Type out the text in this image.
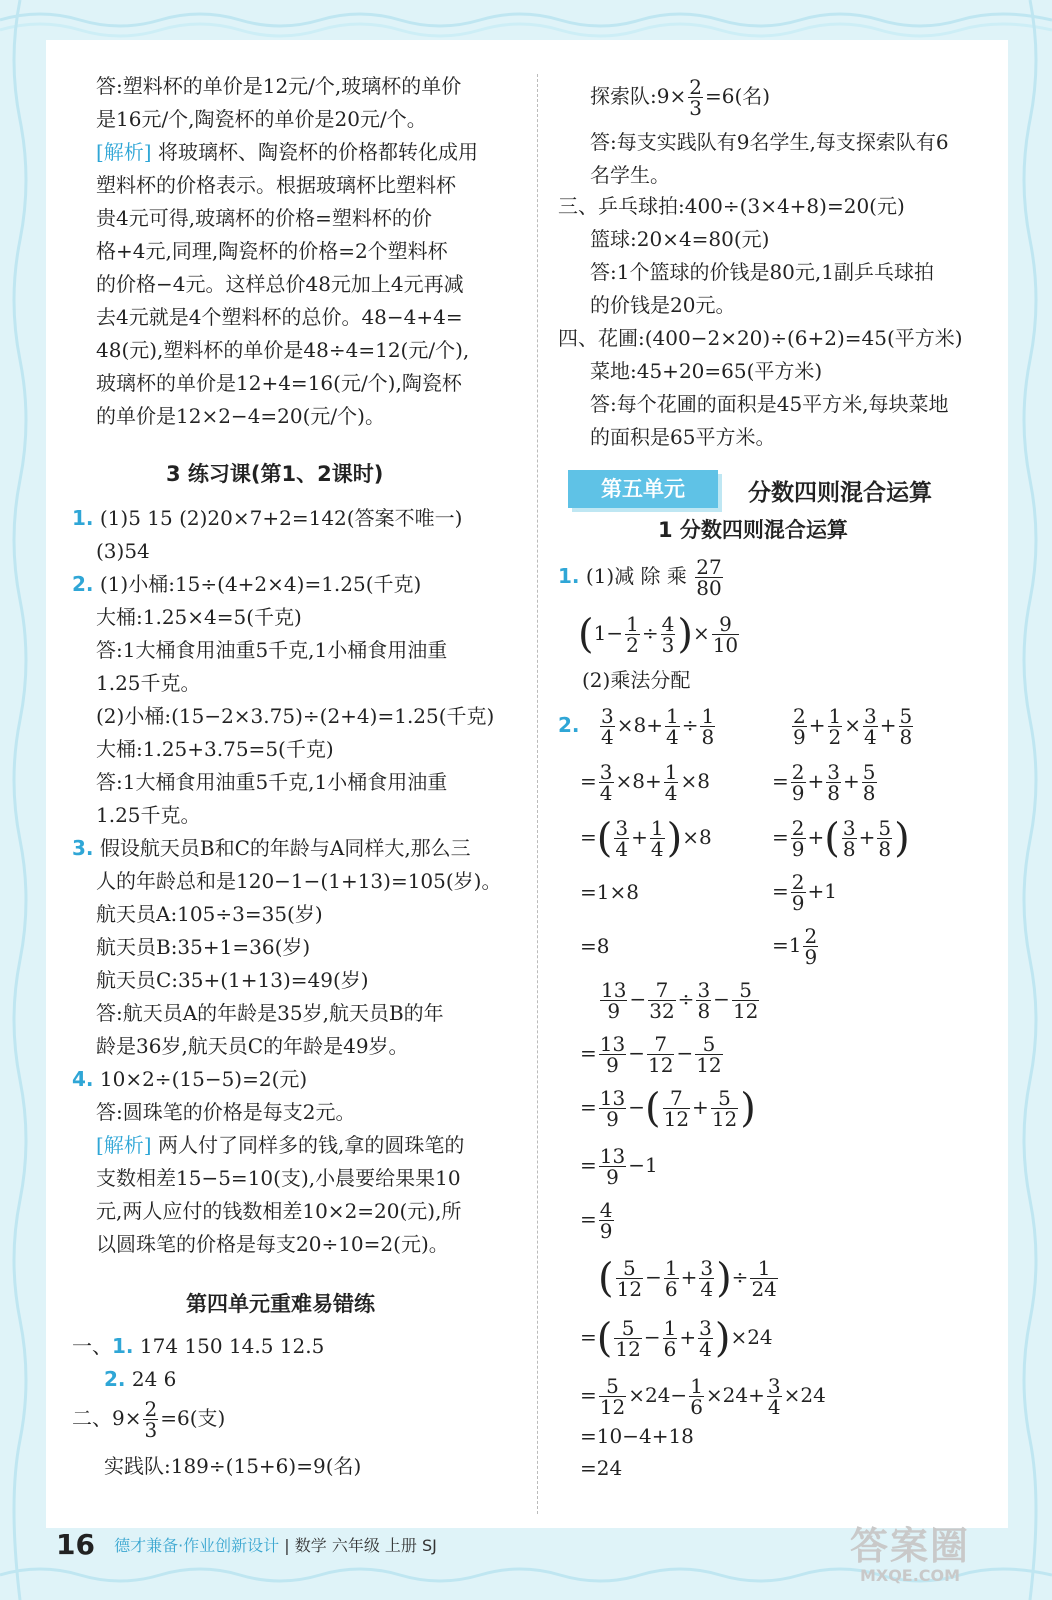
答:塑料杯的单价是12元/个,玻璃杯的单价
是16元/个,陶瓷杯的单价是20元/个。
[解析] 将玻璃杯、陶瓷杯的价格都转化成用
塑料杯的价格表示。根据玻璃杯比塑料杯
贵4元可得,玻璃杯的价格=塑料杯的价
格+4元,同理,陶瓷杯的价格=2个塑料杯
的价格−4元。这样总价48元加上4元再减
去4元就是4个塑料杯的总价。48−4+4=
48(元),塑料杯的单价是48÷4=12(元/个),
玻璃杯的单价是12+4=16(元/个),陶瓷杯
的单价是12×2−4=20(元/个)。
3 练习课(第1、2课时)
1. (1)5 15 (2)20×7+2=142(答案不唯一)
(3)54
2. (1)小桶:15÷(4+2×4)=1.25(千克)
大桶:1.25×4=5(千克)
答:1大桶食用油重5千克,1小桶食用油重
1.25千克。
(2)小桶:(15−2×3.75)÷(2+4)=1.25(千克)
大桶:1.25+3.75=5(千克)
答:1大桶食用油重5千克,1小桶食用油重
1.25千克。
3. 假设航天员B和C的年龄与A同样大,那么三
人的年龄总和是120−1−(1+13)=105(岁)。
航天员A:105÷3=35(岁)
航天员B:35+1=36(岁)
航天员C:35+(1+13)=49(岁)
答:航天员A的年龄是35岁,航天员B的年
龄是36岁,航天员C的年龄是49岁。
4. 10×2÷(15−5)=2(元)
答:圆珠笔的价格是每支2元。
[解析] 两人付了同样多的钱,拿的圆珠笔的
支数相差15−5=10(支),小晨要给果果10
元,两人应付的钱数相差10×2=20(元),所
以圆珠笔的价格是每支20÷10=2(元)。
第四单元重难易错练
一、1. 174 150 14.5 12.5
2. 24 6
二、$9\times \frac{2}{3} =6$(支)
实践队:189÷(15+6)=9(名)
探索队:9× $\frac{2}{3} =6$(名)
答:每支实践队有9名学生,每支探索队有6
名学生。
三、乒乓球拍:400÷(3×4+8)=20(元)
篮球:20×4=80(元)
答:1个篮球的价钱是80元,1副乒乓球拍
的价钱是20元。
四、花圃:(400−2×20)÷(6+2)=45(平方米)
菜地:45+20=65(平方米)
答:每个花圃的面积是45平方米,每块菜地
的面积是65平方米。
第五单元	分数四则混合运算
1 分数四则混合运算
1. (1)减 除 乘 $\frac{27}{80}$
($1- \frac{1}{2} \div \frac{4}{3}$ )× $\frac{9}{10}$
(2)乘法分配
2. $\frac{3}{4} \times 8+ \frac{1}{4} \div \frac{1}{8}$
= $\frac{3}{4} \times 8+ \frac{1}{4} \times 8$
=( $\frac{3}{4} + \frac{1}{4} )\times 8$
=1×8
=8
$\frac{2}{9} + \frac{1}{2} \times \frac{3}{4} + \frac{5}{8}$
= $\frac{2}{9} + \frac{3}{8} + \frac{5}{8}$
= $\frac{2}{9}$ +( $\frac{3}{8} + \frac{5}{8}$ )
= $\frac{2}{9} +1$
$=1 \frac{2}{9}$
$\frac{13}{9} - \frac{7}{32} \div \frac{3}{8} - \frac{5}{12}$
= $\frac{13}{9} - \frac{7}{12} - \frac{5}{12}$
= $\frac{13}{9}$ −( $\frac{7}{12} + \frac{5}{12}$ )
= $\frac{13}{9} -1$
= $\frac{4}{9}$
( $\frac{5}{12} - \frac{1}{6} + \frac{3}{4}$ )÷ $\frac{1}{24}$
=( $\frac{5}{12} - \frac{1}{6} + \frac{3}{4} )\times 24$
= $\frac{5}{12} \times 24- \frac{1}{6} \times 24+ \frac{3}{4} \times 24$
=10−4+18
=24
16 德才兼备·作业创新设计 | 数学 六年级 上册 SJ	答案圈
MXQE.COM
